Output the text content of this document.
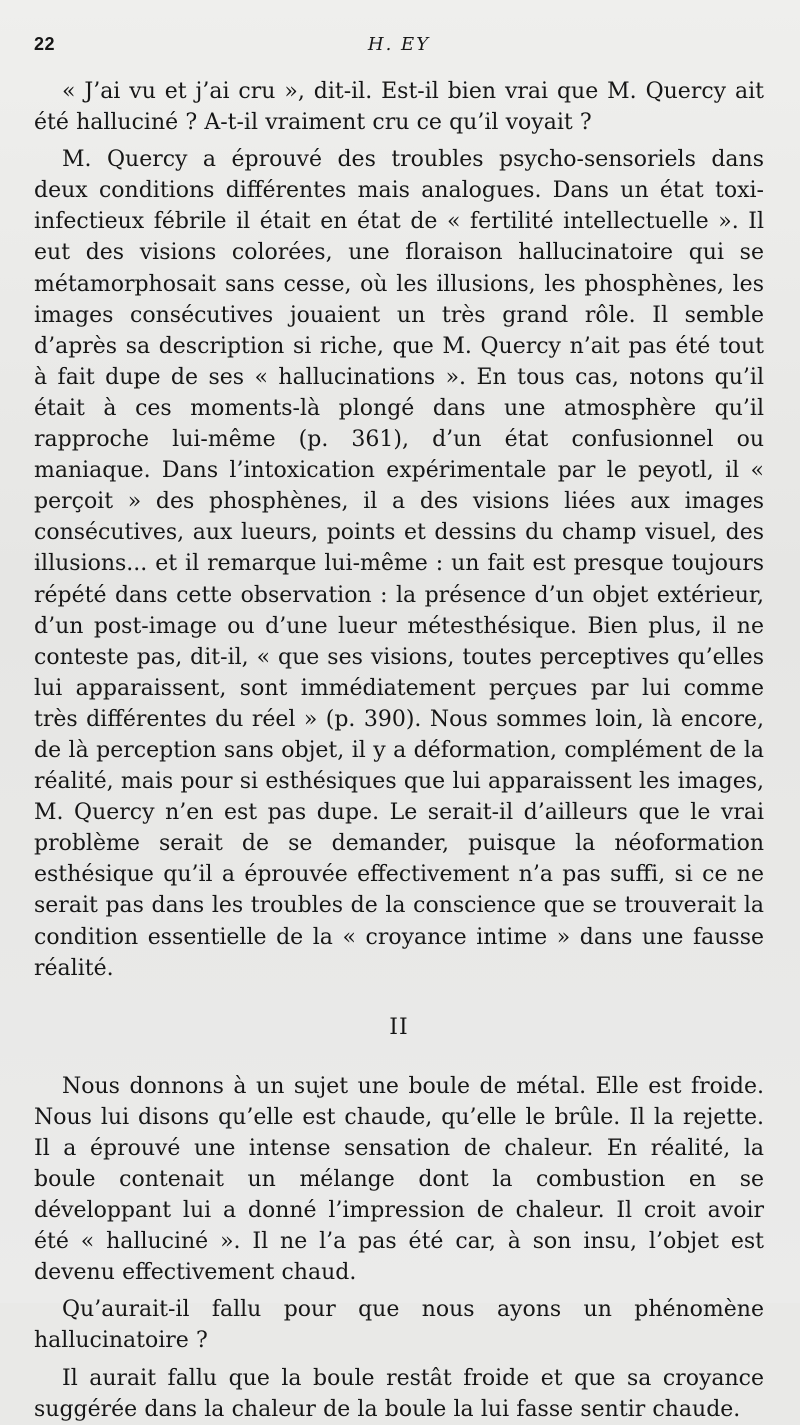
22	H. EY

« J’ai vu et j’ai cru », dit-il. Est-il bien vrai que M. Quercy ait été halluciné ? A-t-il vraiment cru ce qu’il voyait ?

M. Quercy a éprouvé des troubles psycho-sensoriels dans deux conditions différentes mais analogues. Dans un état toxi-infectieux fébrile il était en état de « fertilité intellectuelle ». Il eut des visions colorées, une floraison hallucinatoire qui se métamorphosait sans cesse, où les illusions, les phosphènes, les images consécutives jouaient un très grand rôle. Il semble d’après sa description si riche, que M. Quercy n’ait pas été tout à fait dupe de ses « hallucinations ». En tous cas, notons qu’il était à ces moments-là plongé dans une atmosphère qu’il rapproche lui-même (p. 361), d’un état confusionnel ou maniaque. Dans l’intoxication expérimentale par le peyotl, il « perçoit » des phosphènes, il a des visions liées aux images consécutives, aux lueurs, points et dessins du champ visuel, des illusions... et il remarque lui-même : un fait est presque toujours répété dans cette observation : la présence d’un objet extérieur, d’un post-image ou d’une lueur métesthésique. Bien plus, il ne conteste pas, dit-il, « que ses visions, toutes perceptives qu’elles lui apparaissent, sont immédiatement perçues par lui comme très différentes du réel » (p. 390). Nous sommes loin, là encore, de là perception sans objet, il y a déformation, complément de la réalité, mais pour si esthésiques que lui apparaissent les images, M. Quercy n’en est pas dupe. Le serait-il d’ailleurs que le vrai problème serait de se demander, puisque la néoformation esthésique qu’il a éprouvée effectivement n’a pas suffi, si ce ne serait pas dans les troubles de la conscience que se trouverait la condition essentielle de la « croyance intime » dans une fausse réalité.

II

Nous donnons à un sujet une boule de métal. Elle est froide. Nous lui disons qu’elle est chaude, qu’elle le brûle. Il la rejette. Il a éprouvé une intense sensation de chaleur. En réalité, la boule contenait un mélange dont la combustion en se développant lui a donné l’impression de chaleur. Il croit avoir été « halluciné ». Il ne l’a pas été car, à son insu, l’objet est devenu effectivement chaud.

Qu’aurait-il fallu pour que nous ayons un phénomène hallucinatoire ?

Il aurait fallu que la boule restât froide et que sa croyance suggérée dans la chaleur de la boule la lui fasse sentir chaude.
